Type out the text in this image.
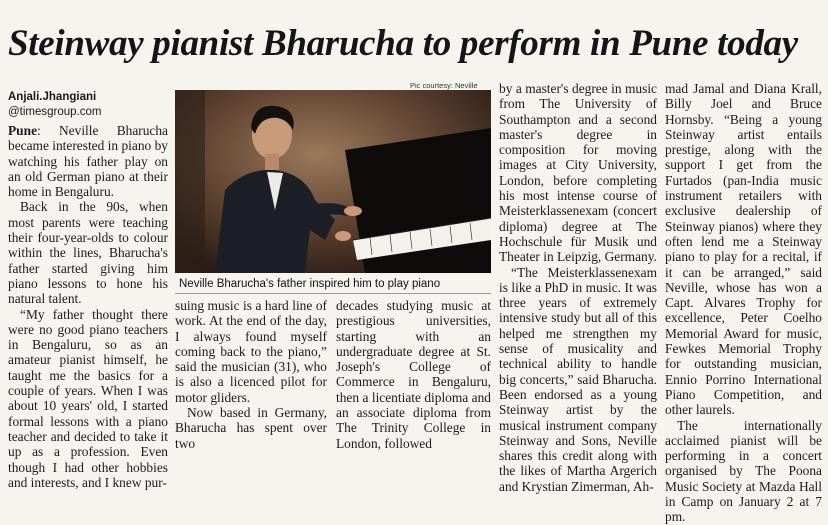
Steinway pianist Bharucha to perform in Pune today
Anjali.Jhangiani
@timesgroup.com
Pic courtesy: Neville
Neville Bharucha's father inspired him to play piano

Pune: Neville Bharucha became interested in piano by watching his father play on an old German piano at their home in Bengaluru.

Back in the 90s, when most parents were teaching their four-year-olds to colour within the lines, Bharucha's father started giving him piano lessons to hone his natural talent.

“My father thought there were no good piano teachers in Bengaluru, so as an amateur pianist himself, he taught me the basics for a couple of years. When I was about 10 years' old, I started formal lessons with a piano teacher and decided to take it up as a profession. Even though I had other hobbies and interests, and I knew pur-

suing music is a hard line of work. At the end of the day, I always found myself coming back to the piano,” said the musician (31), who is also a licenced pilot for motor gliders.

Now based in Germany, Bharucha has spent over two

decades studying music at prestigious universities, starting with an undergraduate degree at St. Joseph's College of Commerce in Bengaluru, then a licentiate diploma and an associate diploma from The Trinity College in London, followed

by a master's degree in music from The University of Southampton and a second master's degree in composition for moving images at City University, London, before completing his most intense course of Meisterklassenexam (concert diploma) degree at The Hochschule für Musik und Theater in Leipzig, Germany.

“The Meisterklassenexam is like a PhD in music. It was three years of extremely intensive study but all of this helped me strengthen my sense of musicality and technical ability to handle big concerts,” said Bharucha. Been endorsed as a young Steinway artist by the musical instrument company Steinway and Sons, Neville shares this credit along with the likes of Martha Argerich and Krystian Zimerman, Ah-

mad Jamal and Diana Krall, Billy Joel and Bruce Hornsby. “Being a young Steinway artist entails prestige, along with the support I get from the Furtados (pan-India music instrument retailers with exclusive dealership of Steinway pianos) where they often lend me a Steinway piano to play for a recital, if it can be arranged,” said Neville, whose has won a Capt. Alvares Trophy for excellence, Peter Coelho Memorial Award for music, Fewkes Memorial Trophy for outstanding musician, Ennio Porrino International Piano Competition, and other laurels.

The internationally acclaimed pianist will be performing in a concert organised by The Poona Music Society at Mazda Hall in Camp on January 2 at 7 pm.
